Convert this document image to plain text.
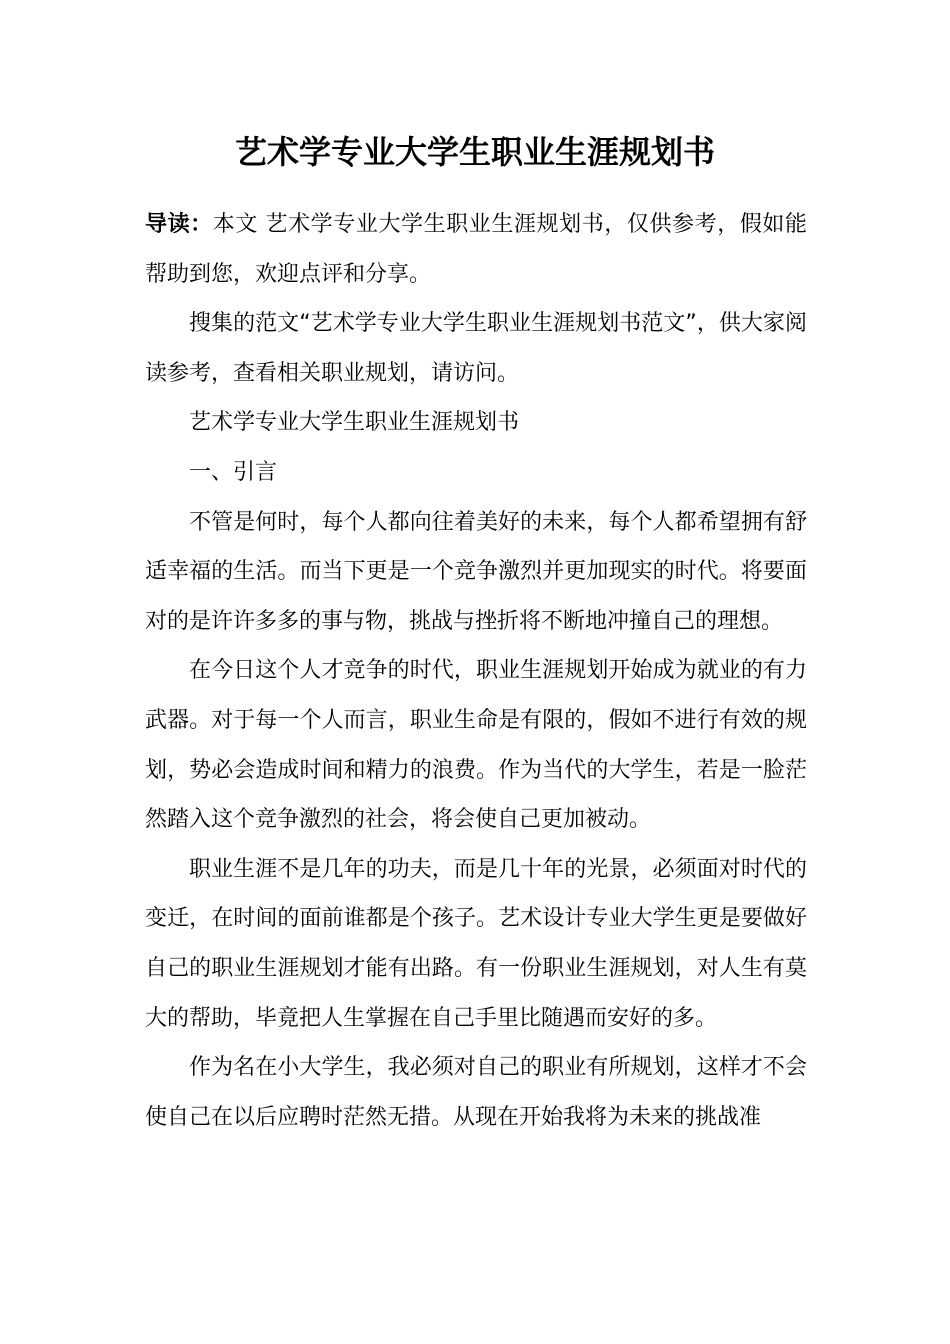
艺术学专业大学生职业生涯规划书

导读：本文 艺术学专业大学生职业生涯规划书，仅供参考，假如能帮助到您，欢迎点评和分享。

搜集的范文“艺术学专业大学生职业生涯规划书范文”，供大家阅读参考，查看相关职业规划，请访问。

艺术学专业大学生职业生涯规划书

一、引言

不管是何时，每个人都向往着美好的未来，每个人都希望拥有舒适幸福的生活。而当下更是一个竞争激烈并更加现实的时代。将要面对的是许许多多的事与物，挑战与挫折将不断地冲撞自己的理想。

在今日这个人才竞争的时代，职业生涯规划开始成为就业的有力武器。对于每一个人而言，职业生命是有限的，假如不进行有效的规划，势必会造成时间和精力的浪费。作为当代的大学生，若是一脸茫然踏入这个竞争激烈的社会，将会使自己更加被动。

职业生涯不是几年的功夫，而是几十年的光景，必须面对时代的变迁，在时间的面前谁都是个孩子。艺术设计专业大学生更是要做好自己的职业生涯规划才能有出路。有一份职业生涯规划，对人生有莫大的帮助，毕竟把人生掌握在自己手里比随遇而安好的多。

作为名在小大学生，我必须对自己的职业有所规划，这样才不会使自己在以后应聘时茫然无措。从现在开始我将为未来的挑战准
